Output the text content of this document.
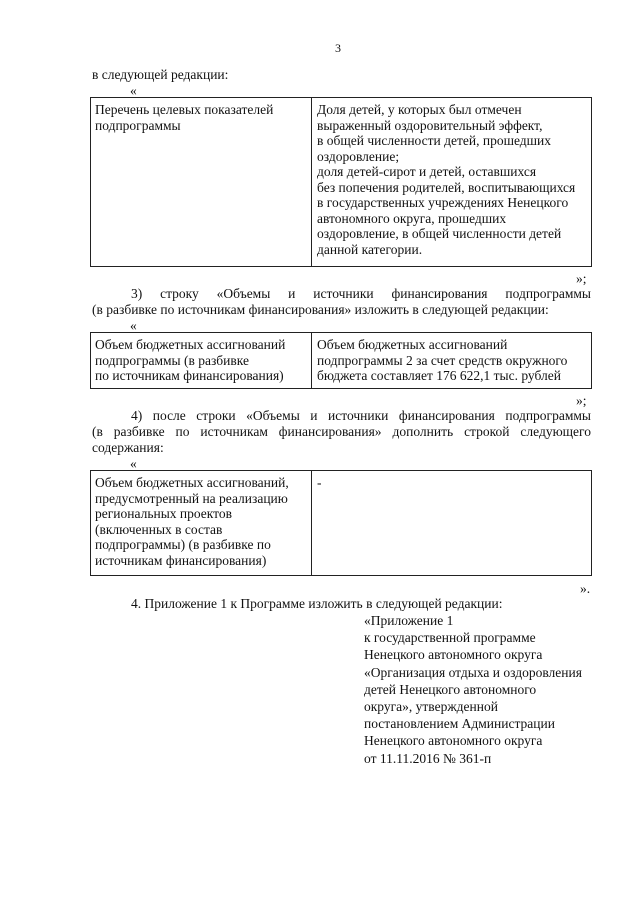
3
в следующей редакции:
«
Перечень целевых показателей
подпрограммы
Доля детей, у которых был отмечен
выраженный оздоровительный эффект,
в общей численности детей, прошедших
оздоровление;
доля детей-сирот и детей, оставшихся
без попечения родителей, воспитывающихся
в государственных учреждениях Ненецкого
автономного округа, прошедших
оздоровление, в общей численности детей
данной категории.
»;
3) строку «Объемы и источники финансирования подпрограммы
(в разбивке по источникам финансирования» изложить в следующей редакции:
«
Объем бюджетных ассигнований
подпрограммы (в разбивке
по источникам финансирования)
Объем бюджетных ассигнований
подпрограммы 2 за счет средств окружного
бюджета составляет 176 622,1 тыс. рублей
»;
4) после строки «Объемы и источники финансирования подпрограммы
(в разбивке по источникам финансирования» дополнить строкой следующего
содержания:
«
Объем бюджетных ассигнований,
предусмотренный на реализацию
региональных проектов
(включенных в состав
подпрограммы) (в разбивке по
источникам финансирования)
-
».
4. Приложение 1 к Программе изложить в следующей редакции:
«Приложение 1
к государственной программе
Ненецкого автономного округа
«Организация отдыха и оздоровления
детей Ненецкого автономного
округа», утвержденной
постановлением Администрации
Ненецкого автономного округа
от 11.11.2016 № 361-п
